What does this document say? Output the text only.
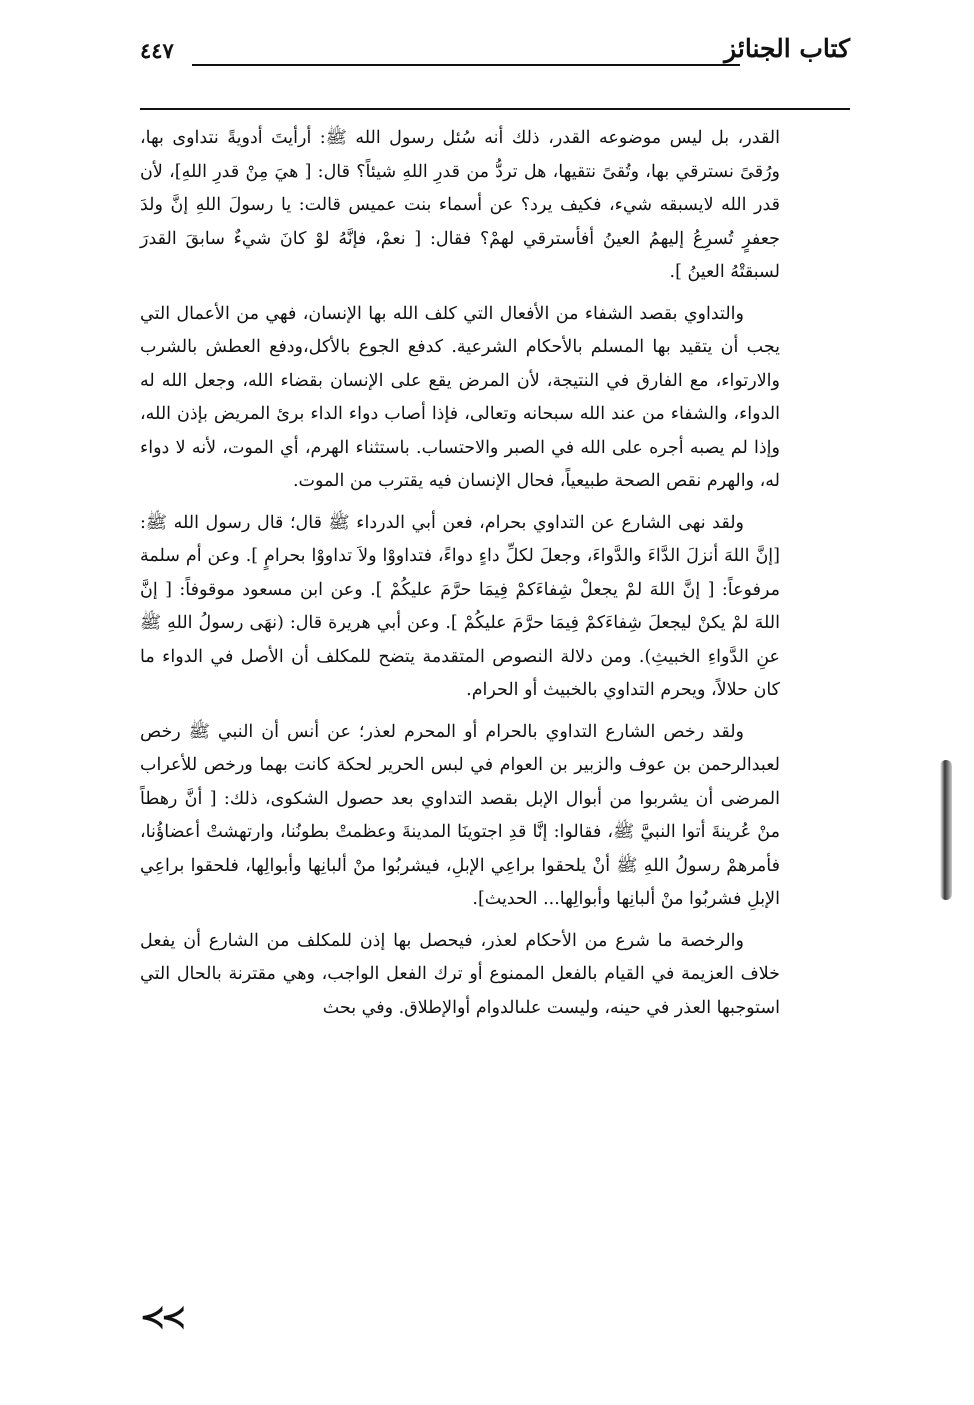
كتاب الجنائز
٤٤٧

القدر، بل ليس موضوعه القدر، ذلك أنه سُئل رسول الله ﷺ: أرأيتَ أدويةً نتداوى بها، ورُقىً نسترقي بها، وتُقىً نتقيها، هل تردُّ من قدرِ اللهِ شيئاً؟ قال: [ هيَ مِنْ قدرِ اللهِ]، لأن قدر الله لايسبقه شيء، فكيف يرد؟ عن أسماء بنت عميس قالت: يا رسولَ اللهِ إنَّ ولدَ جعفرٍ تُسرِعُ إليهمُ العينُ أفأسترقي لهمْ؟ فقال: [ نعمْ، فإنَّهُ لوْ كانَ شيءٌ سابقَ القدرَ لسبقتْهُ العينُ ].

والتداوي بقصد الشفاء من الأفعال التي كلف الله بها الإنسان، فهي من الأعمال التي يجب أن يتقيد بها المسلم بالأحكام الشرعية. كدفع الجوع بالأكل،ودفع العطش بالشرب والارتواء، مع الفارق في النتيجة، لأن المرض يقع على الإنسان بقضاء الله، وجعل الله له الدواء، والشفاء من عند الله سبحانه وتعالى، فإذا أصاب دواء الداء برئ المريض بإذن الله، وإذا لم يصبه أجره على الله في الصبر والاحتساب. باستثناء الهرم، أي الموت، لأنه لا دواء له، والهرم نقص الصحة طبيعياً، فحال الإنسان فيه يقترب من الموت.

ولقد نهى الشارع عن التداوي بحرام، فعن أبي الدرداء ﷺ قال؛ قال رسول الله ﷺ: [إنَّ اللهَ أنزلَ الدَّاءَ والدَّواءَ، وجعلَ لكلِّ داءٍ دواءً، فتداووْا ولاَ تداووْا بحرامٍ ]. وعن أم سلمة مرفوعاً: [ إنَّ اللهَ لمْ يجعلْ شِفاءَكمْ فِيمَا حرَّمَ عليكُمْ ]. وعن ابن مسعود موقوفاً: [ إنَّ اللهَ لمْ يكنْ ليجعلَ شِفاءَكمْ فِيمَا حرَّمَ عليكُمْ ]. وعن أبي هريرة قال: (نهَى رسولُ اللهِ ﷺ عنِ الدَّواءِ الخبيثِ). ومن دلالة النصوص المتقدمة يتضح للمكلف أن الأصل في الدواء ما كان حلالاً، ويحرم التداوي بالخبيث أو الحرام.

ولقد رخص الشارع التداوي بالحرام أو المحرم لعذر؛ عن أنس أن النبي ﷺ رخص لعبدالرحمن بن عوف والزبير بن العوام في لبس الحرير لحكة كانت بهما ورخص للأعراب المرضى أن يشربوا من أبوال الإبل بقصد التداوي بعد حصول الشكوى، ذلك: [ أنَّ رهطاً منْ عُرينةَ أتوا النبيَّ ﷺ، فقالوا: إنَّا قدِ اجتوينَا المدينةَ وعظمتْ بطونُنا، وارتهشتْ أعضاؤُنا، فأمرهمْ رسولُ اللهِ ﷺ أنْ يلحقوا براعِي الإبلِ، فيشربُوا منْ ألبانِها وأبوالِها، فلحقوا براعِي الإبلِ فشربُوا منْ ألبانِها وأبوالِها... الحديث].

والرخصة ما شرع من الأحكام لعذر، فيحصل بها إذن للمكلف من الشارع أن يفعل خلاف العزيمة في القيام بالفعل الممنوع أو ترك الفعل الواجب، وهي مقترنة بالحال التي استوجبها العذر في حينه، وليست علىالدوام أوالإطلاق. وفي بحث

≺≺
